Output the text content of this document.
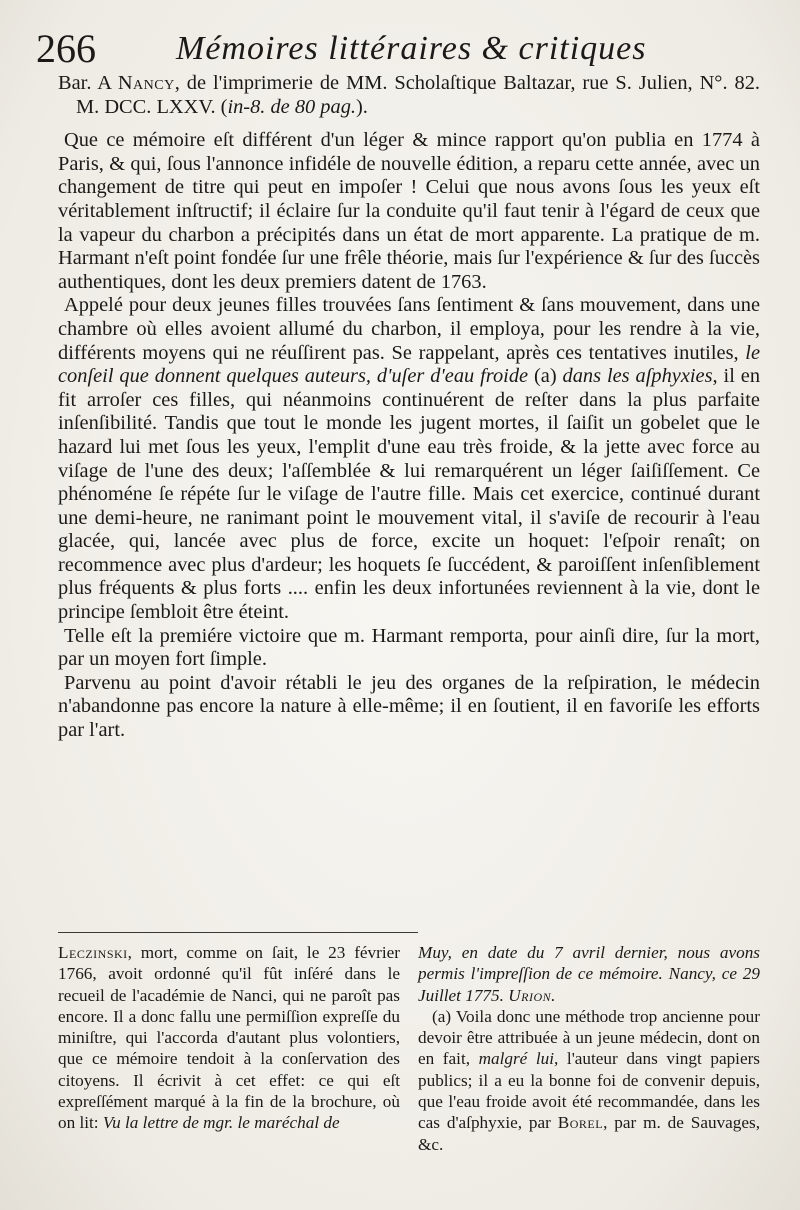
266 Mémoires littéraires & critiques

Bar. A Nancy, de l'imprimerie de MM. Scholaſtique Baltazar, rue S. Julien, N°. 82. M. DCC. LXXV. (in-8. de 80 pag.).

Que ce mémoire eſt différent d'un léger & mince rapport qu'on publia en 1774 à Paris, & qui, ſous l'annonce infidéle de nouvelle édition, a reparu cette année, avec un changement de titre qui peut en impoſer ! Celui que nous avons ſous les yeux eſt véritablement inſtructif; il éclaire ſur la conduite qu'il faut tenir à l'égard de ceux que la vapeur du charbon a précipités dans un état de mort apparente. La pratique de m. Harmant n'eſt point fondée ſur une frêle théorie, mais ſur l'expérience & ſur des ſuccès authentiques, dont les deux premiers datent de 1763.

Appelé pour deux jeunes filles trouvées ſans ſentiment & ſans mouvement, dans une chambre où elles avoient allumé du charbon, il employa, pour les rendre à la vie, différents moyens qui ne réuſſirent pas. Se rappelant, après ces tentatives inutiles, le conſeil que donnent quelques auteurs, d'uſer d'eau froide (a) dans les aſphyxies, il en fit arroſer ces filles, qui néanmoins continuérent de reſter dans la plus parfaite inſenſibilité. Tandis que tout le monde les jugent mortes, il ſaiſit un gobelet que le hazard lui met ſous les yeux, l'emplit d'une eau très froide, & la jette avec force au viſage de l'une des deux; l'aſſemblée & lui remarquérent un léger ſaiſiſſement. Ce phénoméne ſe répéte ſur le viſage de l'autre fille. Mais cet exercice, continué durant une demi-heure, ne ranimant point le mouvement vital, il s'aviſe de recourir à l'eau glacée, qui, lancée avec plus de force, excite un hoquet: l'eſpoir renaît; on recommence avec plus d'ardeur; les hoquets ſe ſuccédent, & paroiſſent inſenſiblement plus fréquents & plus forts .... enfin les deux infortunées reviennent à la vie, dont le principe ſembloit être éteint.

Telle eſt la premiére victoire que m. Harmant remporta, pour ainſi dire, ſur la mort, par un moyen fort ſimple.

Parvenu au point d'avoir rétabli le jeu des organes de la reſpiration, le médecin n'abandonne pas encore la nature à elle-même; il en ſoutient, il en favoriſe les efforts par l'art.

Leczinski, mort, comme on ſait, le 23 février 1766, avoit ordonné qu'il fût inſéré dans le recueil de l'académie de Nanci, qui ne paroît pas encore. Il a donc fallu une permiſſion expreſſe du miniſtre, qui l'accorda d'autant plus volontiers, que ce mémoire tendoit à la conſervation des citoyens. Il écrivit à cet effet: ce qui eſt expreſſément marqué à la fin de la brochure, où on lit: Vu la lettre de mgr. le maréchal de

Muy, en date du 7 avril dernier, nous avons permis l'impreſſion de ce mémoire. Nancy, ce 29 Juillet 1775. Urion.

(a) Voila donc une méthode trop ancienne pour devoir être attribuée à un jeune médecin, dont on en fait, malgré lui, l'auteur dans vingt papiers publics; il a eu la bonne foi de convenir depuis, que l'eau froide avoit été recommandée, dans les cas d'aſphyxie, par Borel, par m. de Sauvages, &c.
